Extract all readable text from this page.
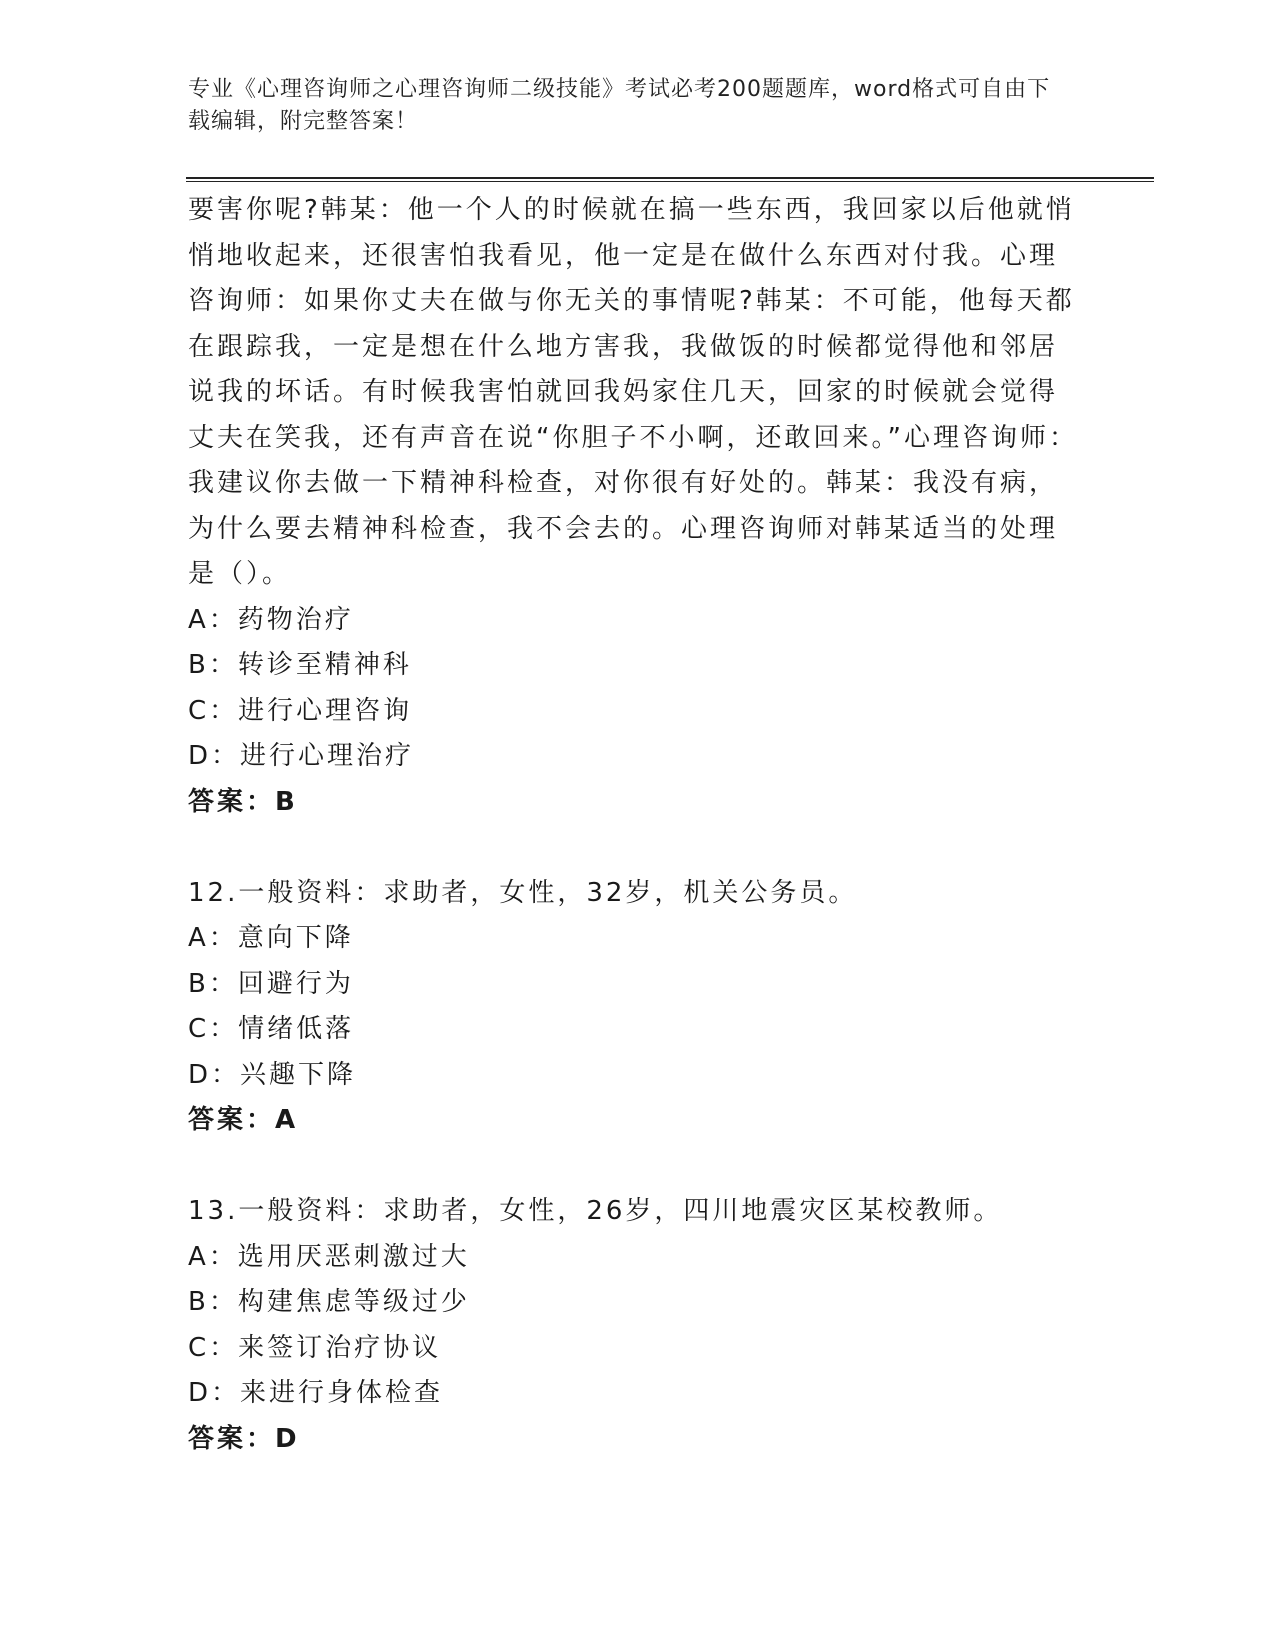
专业《心理咨询师之心理咨询师二级技能》考试必考200题题库，word格式可自由下载编辑，附完整答案！

要害你呢?韩某：他一个人的时候就在搞一些东西，我回家以后他就悄悄地收起来，还很害怕我看见，他一定是在做什么东西对付我。心理咨询师：如果你丈夫在做与你无关的事情呢?韩某：不可能，他每天都在跟踪我，一定是想在什么地方害我，我做饭的时候都觉得他和邻居说我的坏话。有时候我害怕就回我妈家住几天，回家的时候就会觉得丈夫在笑我，还有声音在说“你胆子不小啊，还敢回来。”心理咨询师：我建议你去做一下精神科检查，对你很有好处的。韩某：我没有病，为什么要去精神科检查，我不会去的。心理咨询师对韩某适当的处理是（）。

A：药物治疗

B：转诊至精神科

C：进行心理咨询

D：进行心理治疗

答案：B

12.一般资料：求助者，女性，32岁，机关公务员。

A：意向下降

B：回避行为

C：情绪低落

D：兴趣下降

答案：A

13.一般资料：求助者，女性，26岁，四川地震灾区某校教师。

A：选用厌恶刺激过大

B：构建焦虑等级过少

C：来签订治疗协议

D：来进行身体检查

答案：D
